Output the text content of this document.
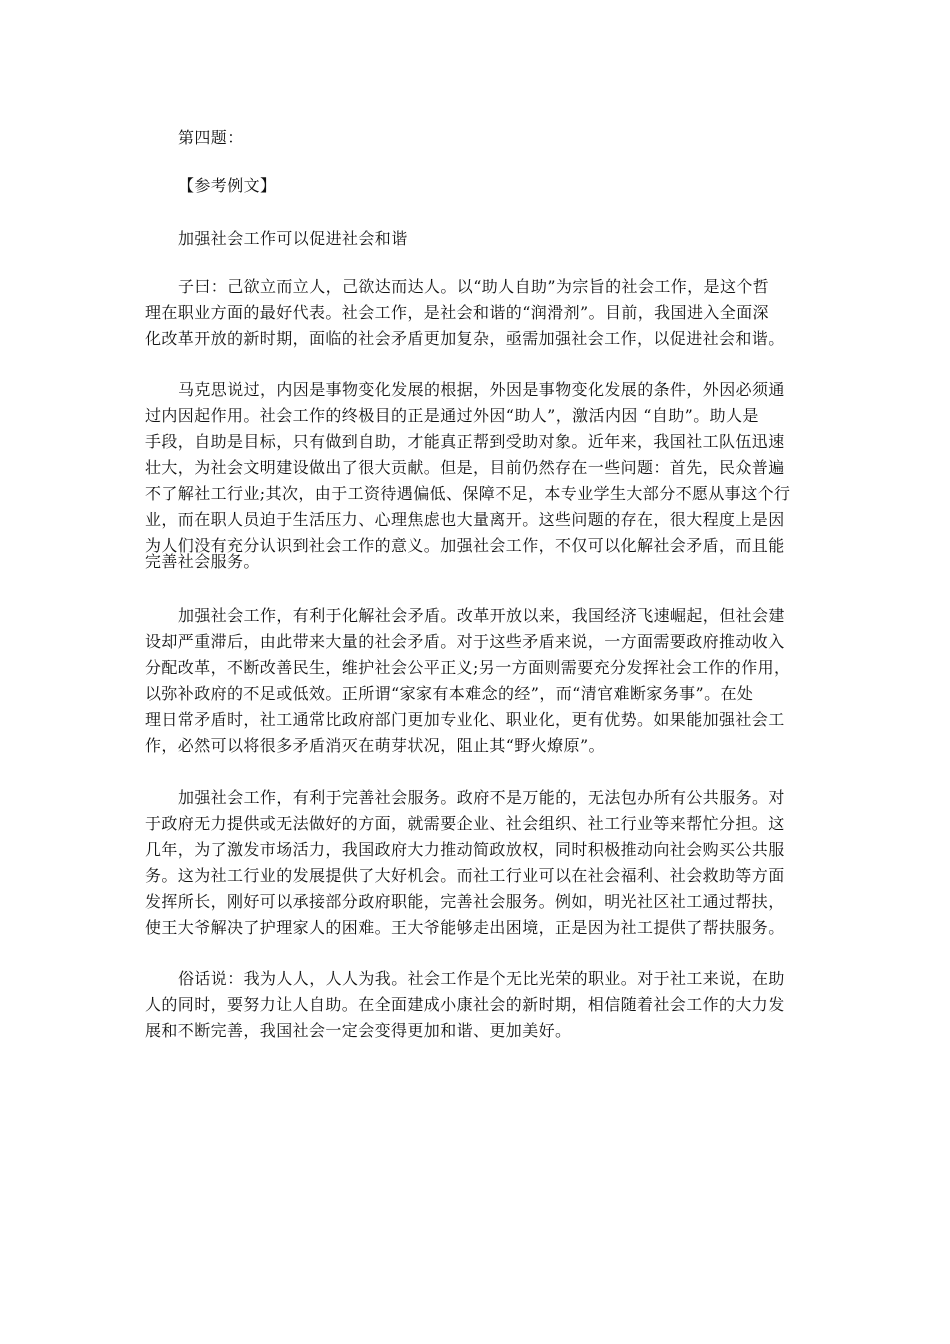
第四题：
【参考例文】
加强社会工作可以促进社会和谐
子曰：己欲立而立人，己欲达而达人。以“助人自助”为宗旨的社会工作，是这个哲
理在职业方面的最好代表。社会工作，是社会和谐的“润滑剂”。目前，我国进入全面深
化改革开放的新时期，面临的社会矛盾更加复杂，亟需加强社会工作，以促进社会和谐。
马克思说过，内因是事物变化发展的根据，外因是事物变化发展的条件，外因必须通
过内因起作用。社会工作的终极目的正是通过外因“助人”，激活内因 “自助”。助人是
手段，自助是目标，只有做到自助，才能真正帮到受助对象。近年来，我国社工队伍迅速
壮大，为社会文明建设做出了很大贡献。但是，目前仍然存在一些问题：首先，民众普遍
不了解社工行业;其次，由于工资待遇偏低、保障不足，本专业学生大部分不愿从事这个行
业，而在职人员迫于生活压力、心理焦虑也大量离开。这些问题的存在，很大程度上是因
为人们没有充分认识到社会工作的意义。加强社会工作，不仅可以化解社会矛盾，而且能
完善社会服务。
加强社会工作，有利于化解社会矛盾。改革开放以来，我国经济飞速崛起，但社会建
设却严重滞后，由此带来大量的社会矛盾。对于这些矛盾来说，一方面需要政府推动收入
分配改革，不断改善民生，维护社会公平正义;另一方面则需要充分发挥社会工作的作用，
以弥补政府的不足或低效。正所谓“家家有本难念的经”，而“清官难断家务事”。在处
理日常矛盾时，社工通常比政府部门更加专业化、职业化，更有优势。如果能加强社会工
作，必然可以将很多矛盾消灭在萌芽状况，阻止其“野火燎原”。
加强社会工作，有利于完善社会服务。政府不是万能的，无法包办所有公共服务。对
于政府无力提供或无法做好的方面，就需要企业、社会组织、社工行业等来帮忙分担。这
几年，为了激发市场活力，我国政府大力推动简政放权，同时积极推动向社会购买公共服
务。这为社工行业的发展提供了大好机会。而社工行业可以在社会福利、社会救助等方面
发挥所长，刚好可以承接部分政府职能，完善社会服务。例如，明光社区社工通过帮扶，
使王大爷解决了护理家人的困难。王大爷能够走出困境，正是因为社工提供了帮扶服务。
俗话说：我为人人，人人为我。社会工作是个无比光荣的职业。对于社工来说，在助
人的同时，要努力让人自助。在全面建成小康社会的新时期，相信随着社会工作的大力发
展和不断完善，我国社会一定会变得更加和谐、更加美好。
